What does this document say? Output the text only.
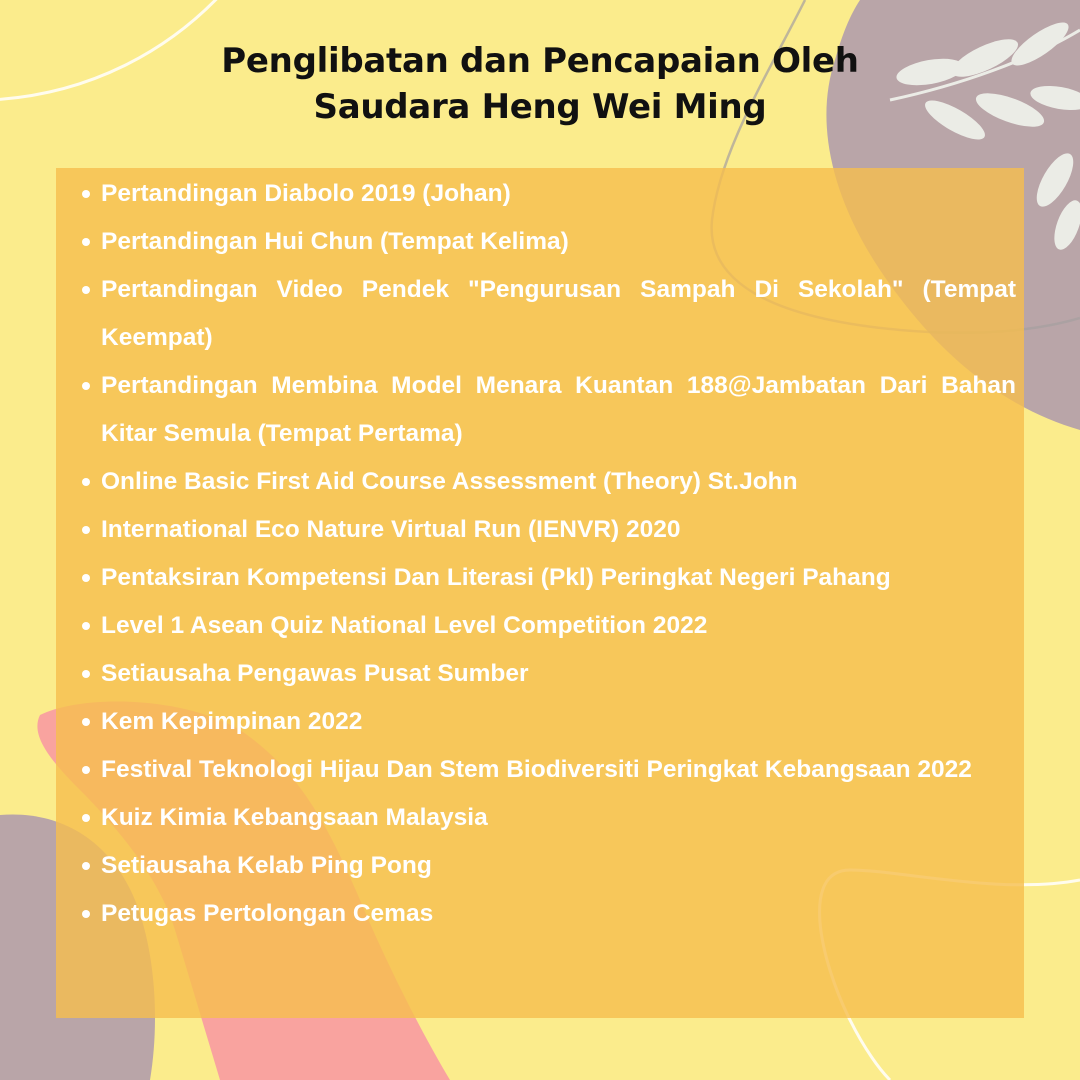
Penglibatan dan Pencapaian Oleh
Saudara Heng Wei Ming
Pertandingan Diabolo 2019 (Johan)
Pertandingan Hui Chun (Tempat Kelima)
Pertandingan Video Pendek "Pengurusan Sampah Di Sekolah" (Tempat Keempat)
Pertandingan Membina Model Menara Kuantan 188@Jambatan Dari Bahan Kitar Semula (Tempat Pertama)
Online Basic First Aid Course Assessment (Theory) St.John
International Eco Nature Virtual Run (IENVR) 2020
Pentaksiran Kompetensi Dan Literasi (Pkl) Peringkat Negeri Pahang
Level 1 Asean Quiz National Level Competition 2022
Setiausaha Pengawas Pusat Sumber
Kem Kepimpinan 2022
Festival Teknologi Hijau Dan Stem Biodiversiti Peringkat Kebangsaan 2022
Kuiz Kimia Kebangsaan Malaysia
Setiausaha Kelab Ping Pong
Petugas Pertolongan Cemas
